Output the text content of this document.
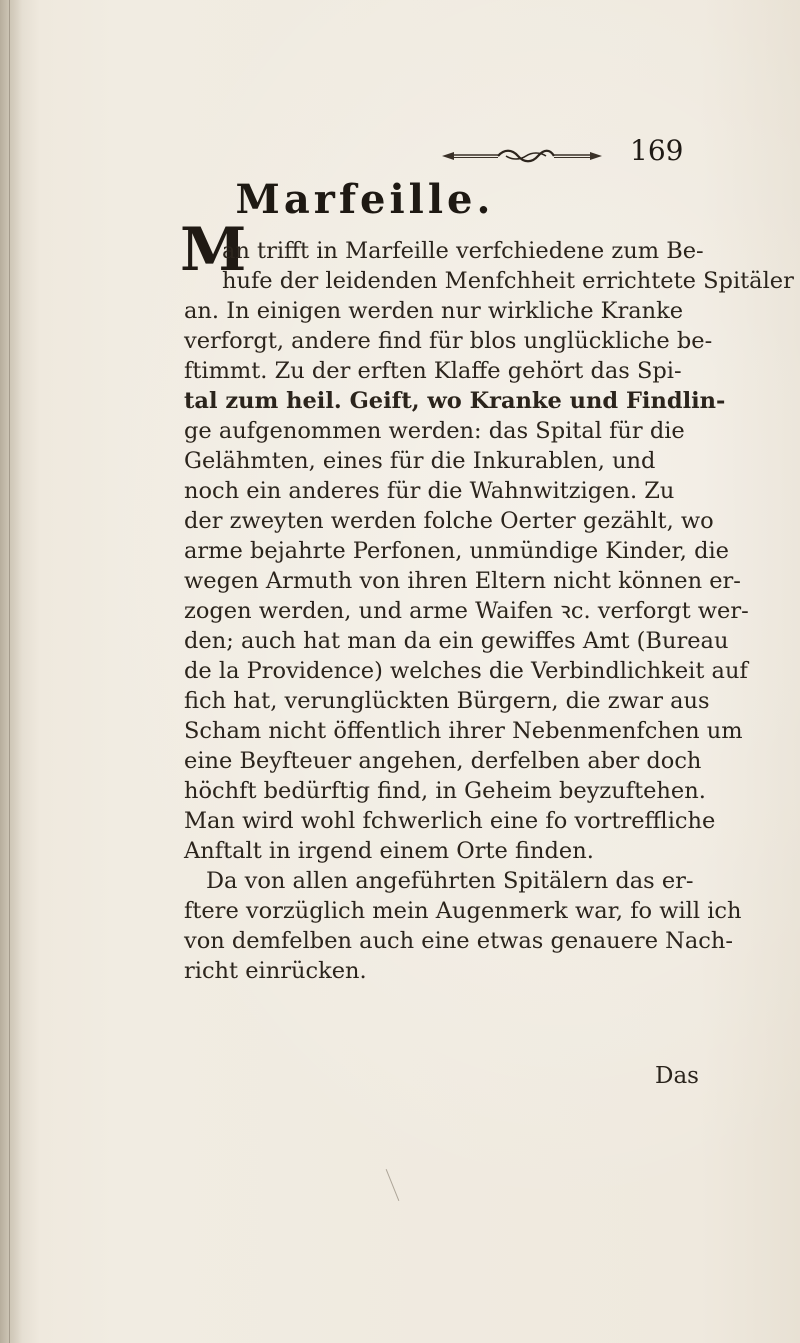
169
Marfeille.
M
an trifft in Marfeille verfchiedene zum Be-
hufe der leidenden Menfchheit errichtete Spitäler
an. In einigen werden nur wirkliche Kranke
verforgt, andere find für blos unglückliche be-
ftimmt. Zu der erften Klaffe gehört das Spi-
tal zum heil. Geift, wo Kranke und Findlin-
ge aufgenommen werden: das Spital für die
Gelähmten, eines für die Inkurablen, und
noch ein anderes für die Wahnwitzigen. Zu
der zweyten werden folche Oerter gezählt, wo
arme bejahrte Perfonen, unmündige Kinder, die
wegen Armuth von ihren Eltern nicht können er-
zogen werden, und arme Waifen ꝛc. verforgt wer-
den; auch hat man da ein gewiffes Amt (Bureau
de la Providence) welches die Verbindlichkeit auf
fich hat, verunglückten Bürgern, die zwar aus
Scham nicht öffentlich ihrer Nebenmenfchen um
eine Beyfteuer angehen, derfelben aber doch
höchft bedürftig find, in Geheim beyzuftehen.
Man wird wohl fchwerlich eine fo vortreffliche
Anftalt in irgend einem Orte finden.
Da von allen angeführten Spitälern das er-
ftere vorzüglich mein Augenmerk war, fo will ich
von demfelben auch eine etwas genauere Nach-
richt einrücken.
Das
